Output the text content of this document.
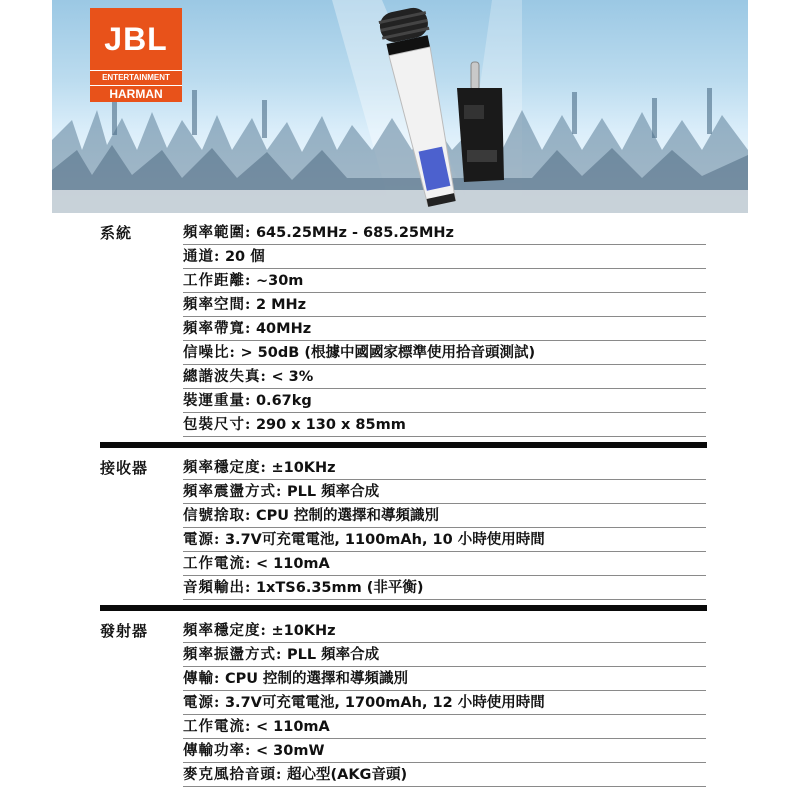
JBL
ENTERTAINMENT
HARMAN
系統	頻率範圍: 645.25MHz - 685.25MHz
通道: 20 個
工作距離: ~30m
頻率空間: 2 MHz
頻率帶寬: 40MHz
信噪比: > 50dB (根據中國國家標準使用拾音頭測試)
總諧波失真: < 3%
裝運重量: 0.67kg
包裝尺寸: 290 x 130 x 85mm
接收器	頻率穩定度: ±10KHz
頻率震盪方式: PLL 頻率合成
信號捨取: CPU 控制的選擇和導頻識別
電源: 3.7V可充電電池, 1100mAh, 10 小時使用時間
工作電流: < 110mA
音頻輸出: 1xTS6.35mm (非平衡)
發射器	頻率穩定度: ±10KHz
頻率振盪方式: PLL 頻率合成
傳輸: CPU 控制的選擇和導頻識別
電源: 3.7V可充電電池, 1700mAh, 12 小時使用時間
工作電流: < 110mA
傳輸功率: < 30mW
麥克風拾音頭: 超心型(AKG音頭)
